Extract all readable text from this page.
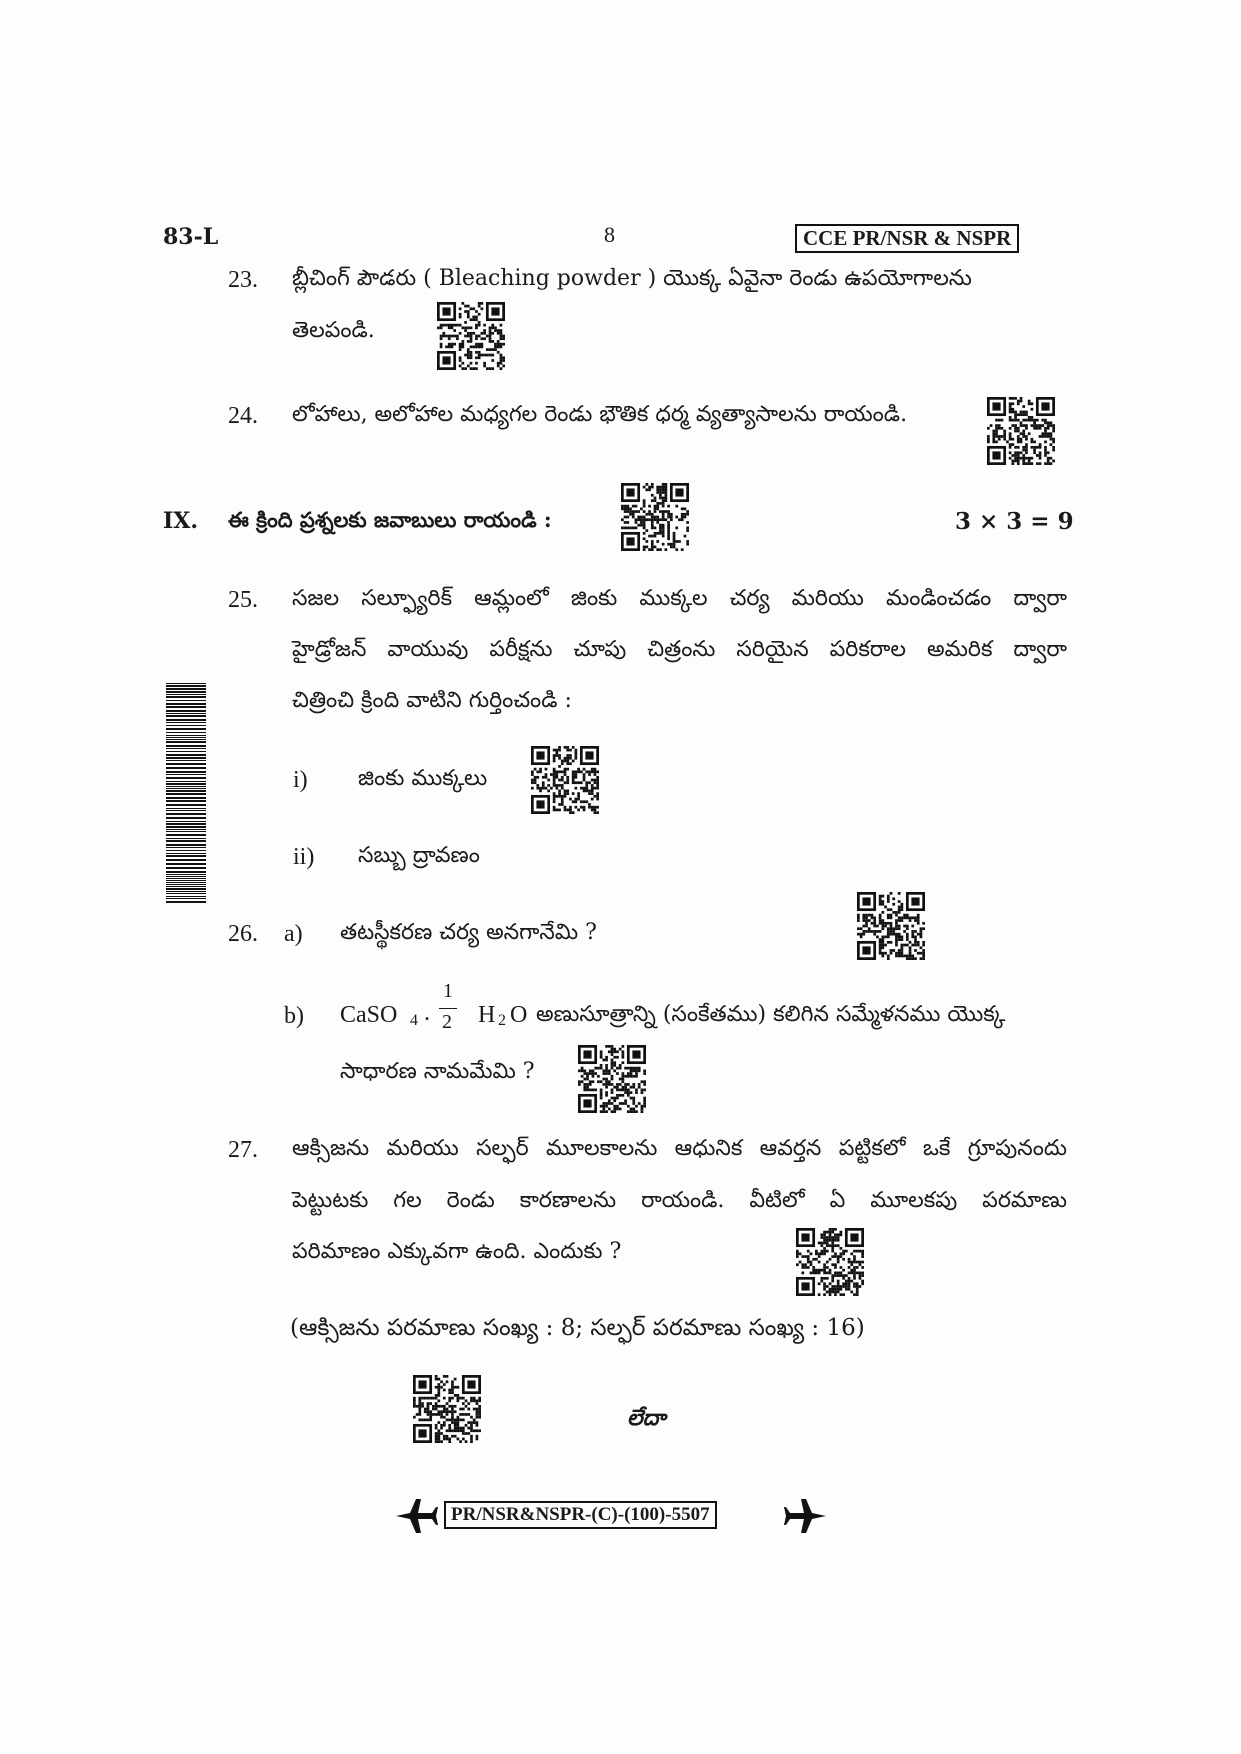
83-L	8	CCE PR/NSR & NSPR
23. బ్లీచింగ్ పౌడరు ( Bleaching powder ) యొక్క ఏవైనా రెండు ఉపయోగాలను
తెలపండి.
24. లోహాలు, అలోహాల మధ్యగల రెండు భౌతిక ధర్మ వ్యత్యాసాలను రాయండి.
IX. ఈ క్రింది ప్రశ్నలకు జవాబులు రాయండి :	3 × 3 = 9
25. సజల సల్ఫ్యూరిక్ ఆమ్లంలో జింకు ముక్కల చర్య మరియు మండించడం ద్వారా
హైడ్రోజన్ వాయువు పరీక్షను చూపు చిత్రంను సరియైన పరికరాల అమరిక ద్వారా
చిత్రించి క్రింది వాటిని గుర్తించండి :
i) జింకు ముక్కలు
ii) సబ్బు ద్రావణం
26. a) తటస్థీకరణ చర్య అనగానేమి ?
b) CaSO 4 .
1
2 H 2 O అణుసూత్రాన్ని (సంకేతము) కలిగిన సమ్మేళనము యొక్క
సాధారణ నామమేమి ?
27. ఆక్సిజను మరియు సల్ఫర్ మూలకాలను ఆధునిక ఆవర్తన పట్టికలో ఒకే గ్రూపునందు
పెట్టుటకు గల రెండు కారణాలను రాయండి. వీటిలో ఏ మూలకపు పరమాణు
పరిమాణం ఎక్కువగా ఉంది. ఎందుకు ?
(ఆక్సిజను పరమాణు సంఖ్య : 8; సల్ఫర్ పరమాణు సంఖ్య : 16)
లేదా
PR/NSR&NSPR-(C)-(100)-5507
